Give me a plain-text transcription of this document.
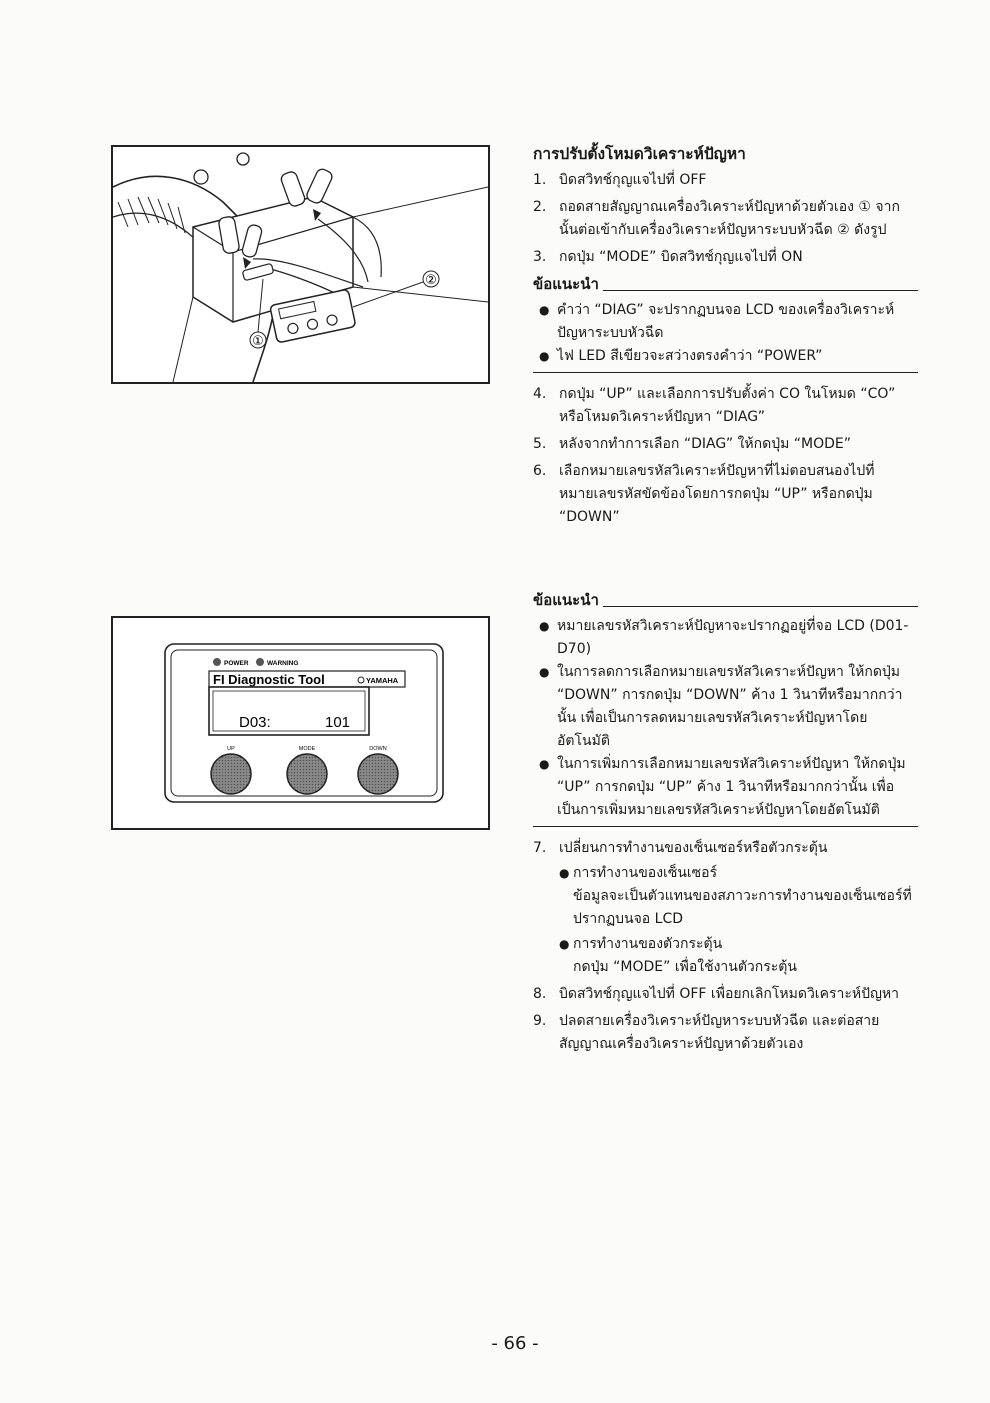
②
①
POWER	WARNING
FI Diagnostic Tool	YAMAHA
D03:	101
UP	MODE	DOWN
การปรับตั้งโหมดวิเคราะห์ปัญหา
1. บิดสวิทช์กุญแจไปที่ OFF
2. ถอดสายสัญญาณเครื่องวิเคราะห์ปัญหาด้วยตัวเอง ① จากนั้นต่อเข้ากับเครื่องวิเคราะห์ปัญหาระบบหัวฉีด ② ดังรูป
3. กดปุ่ม “MODE” บิดสวิทช์กุญแจไปที่ ON
ข้อแนะนำ
● คำว่า “DIAG” จะปรากฏบนจอ LCD ของเครื่องวิเคราะห์ปัญหาระบบหัวฉีด
● ไฟ LED สีเขียวจะสว่างตรงคำว่า “POWER”
4. กดปุ่ม “UP” และเลือกการปรับตั้งค่า CO ในโหมด “CO” หรือโหมดวิเคราะห์ปัญหา “DIAG”
5. หลังจากทำการเลือก “DIAG” ให้กดปุ่ม “MODE”
6. เลือกหมายเลขรหัสวิเคราะห์ปัญหาที่ไม่ตอบสนองไปที่หมายเลขรหัสขัดข้องโดยการกดปุ่ม “UP” หรือกดปุ่ม “DOWN”
ข้อแนะนำ
● หมายเลขรหัสวิเคราะห์ปัญหาจะปรากฏอยู่ที่จอ LCD (D01-D70)
● ในการลดการเลือกหมายเลขรหัสวิเคราะห์ปัญหา ให้กดปุ่ม “DOWN” การกดปุ่ม “DOWN” ค้าง 1 วินาทีหรือมากกว่านั้น เพื่อเป็นการลดหมายเลขรหัสวิเคราะห์ปัญหาโดยอัตโนมัติ
● ในการเพิ่มการเลือกหมายเลขรหัสวิเคราะห์ปัญหา ให้กดปุ่ม “UP” การกดปุ่ม “UP” ค้าง 1 วินาทีหรือมากกว่านั้น เพื่อเป็นการเพิ่มหมายเลขรหัสวิเคราะห์ปัญหาโดยอัตโนมัติ
7. เปลี่ยนการทำงานของเซ็นเซอร์หรือตัวกระตุ้น
● การทำงานของเซ็นเซอร์
ข้อมูลจะเป็นตัวแทนของสภาวะการทำงานของเซ็นเซอร์ที่ปรากฏบนจอ LCD
● การทำงานของตัวกระตุ้น
กดปุ่ม “MODE” เพื่อใช้งานตัวกระตุ้น
8. บิดสวิทช์กุญแจไปที่ OFF เพื่อยกเลิกโหมดวิเคราะห์ปัญหา
9. ปลดสายเครื่องวิเคราะห์ปัญหาระบบหัวฉีด และต่อสายสัญญาณเครื่องวิเคราะห์ปัญหาด้วยตัวเอง
- 66 -
